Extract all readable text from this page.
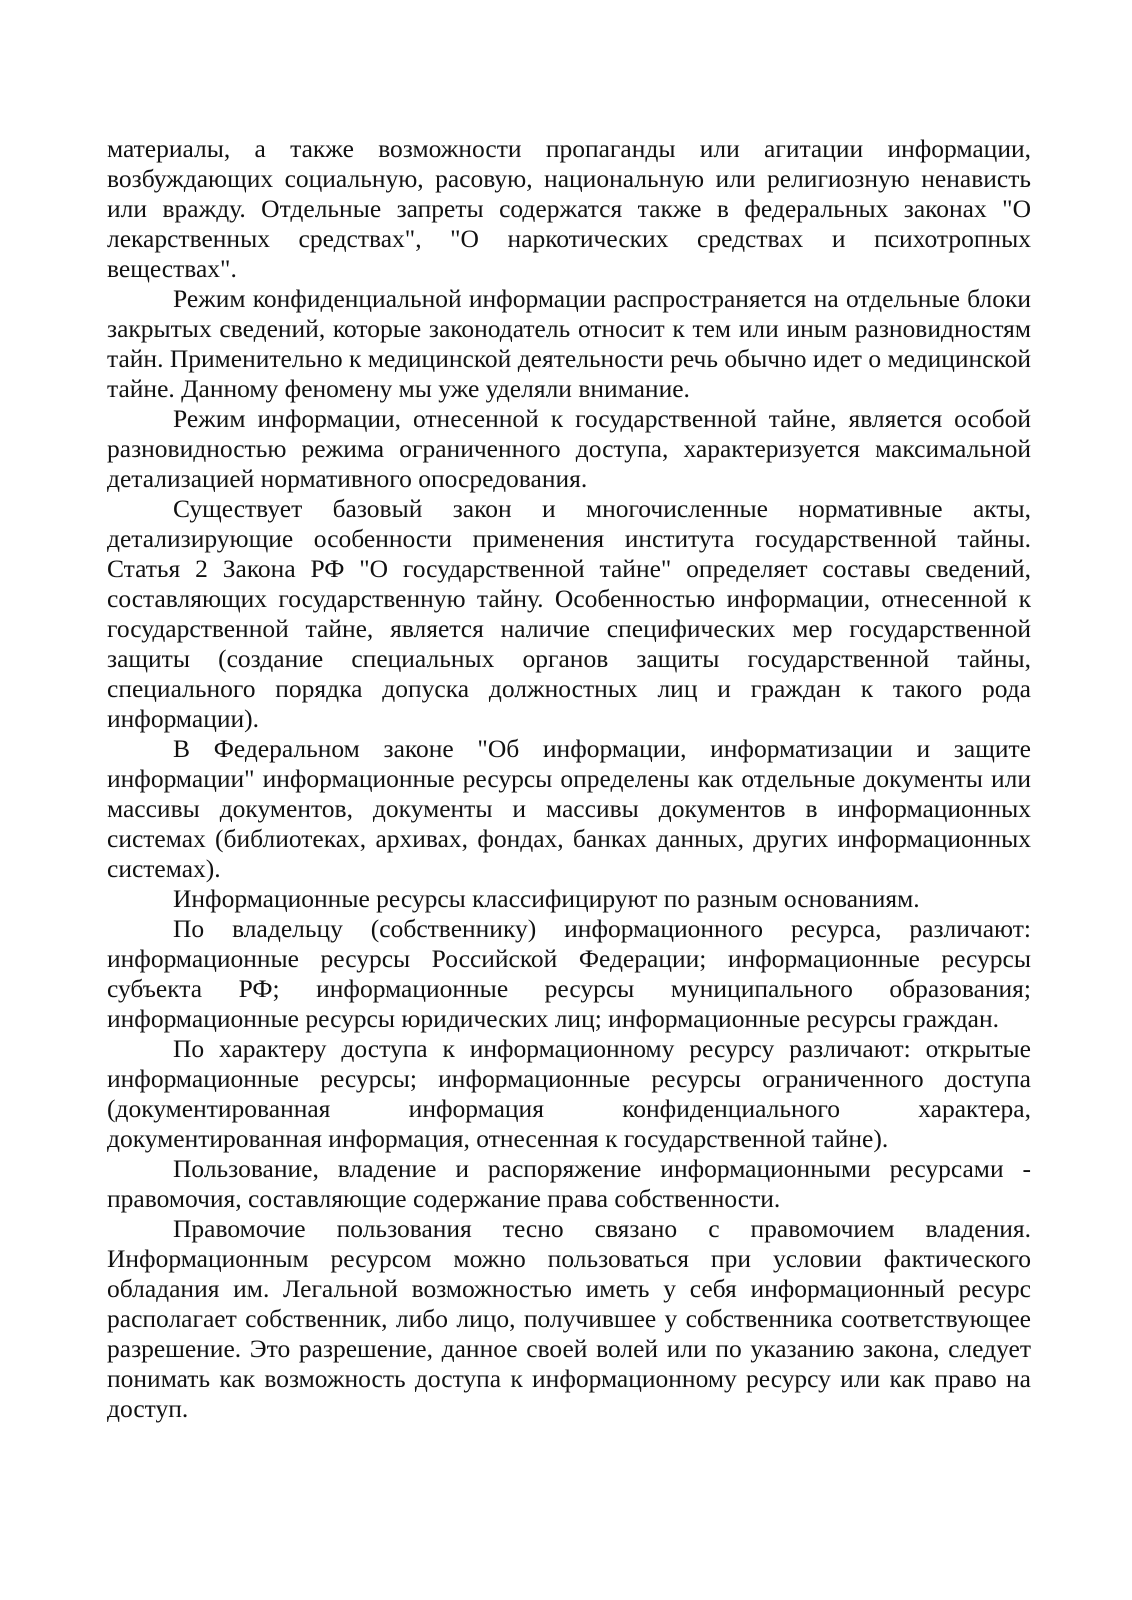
материалы, а также возможности пропаганды или агитации информации, возбуждающих социальную, расовую, национальную или религиозную ненависть или вражду. Отдельные запреты содержатся также в федеральных законах "О лекарственных средствах", "О наркотических средствах и психотропных веществах".

Режим конфиденциальной информации распространяется на отдельные блоки закрытых сведений, которые законодатель относит к тем или иным разновидностям тайн. Применительно к медицинской деятельности речь обычно идет о медицинской тайне. Данному феномену мы уже уделяли внимание.

Режим информации, отнесенной к государственной тайне, является особой разновидностью режима ограниченного доступа, характеризуется максимальной детализацией нормативного опосредования.

Существует базовый закон и многочисленные нормативные акты, детализирующие особенности применения института государственной тайны. Статья 2 Закона РФ "О государственной тайне" определяет составы сведений, составляющих государственную тайну. Особенностью информации, отнесенной к государственной тайне, является наличие специфических мер государственной защиты (создание специальных органов защиты государственной тайны, специального порядка допуска должностных лиц и граждан к такого рода информации).

В Федеральном законе "Об информации, информатизации и защите информации" информационные ресурсы определены как отдельные документы или массивы документов, документы и массивы документов в информационных системах (библиотеках, архивах, фондах, банках данных, других информационных системах).

Информационные ресурсы классифицируют по разным основаниям.

По владельцу (собственнику) информационного ресурса, различают: информационные ресурсы Российской Федерации; информационные ресурсы субъекта РФ; информационные ресурсы муниципального образования; информационные ресурсы юридических лиц; информационные ресурсы граждан.

По характеру доступа к информационному ресурсу различают: открытые информационные ресурсы; информационные ресурсы ограниченного доступа (документированная информация конфиденциального характера, документированная информация, отнесенная к государственной тайне).

Пользование, владение и распоряжение информационными ресурсами - правомочия, составляющие содержание права собственности.

Правомочие пользования тесно связано с правомочием владения. Информационным ресурсом можно пользоваться при условии фактического обладания им. Легальной возможностью иметь у себя информационный ресурс располагает собственник, либо лицо, получившее у собственника соответствующее разрешение. Это разрешение, данное своей волей или по указанию закона, следует понимать как возможность доступа к информационному ресурсу или как право на доступ.
